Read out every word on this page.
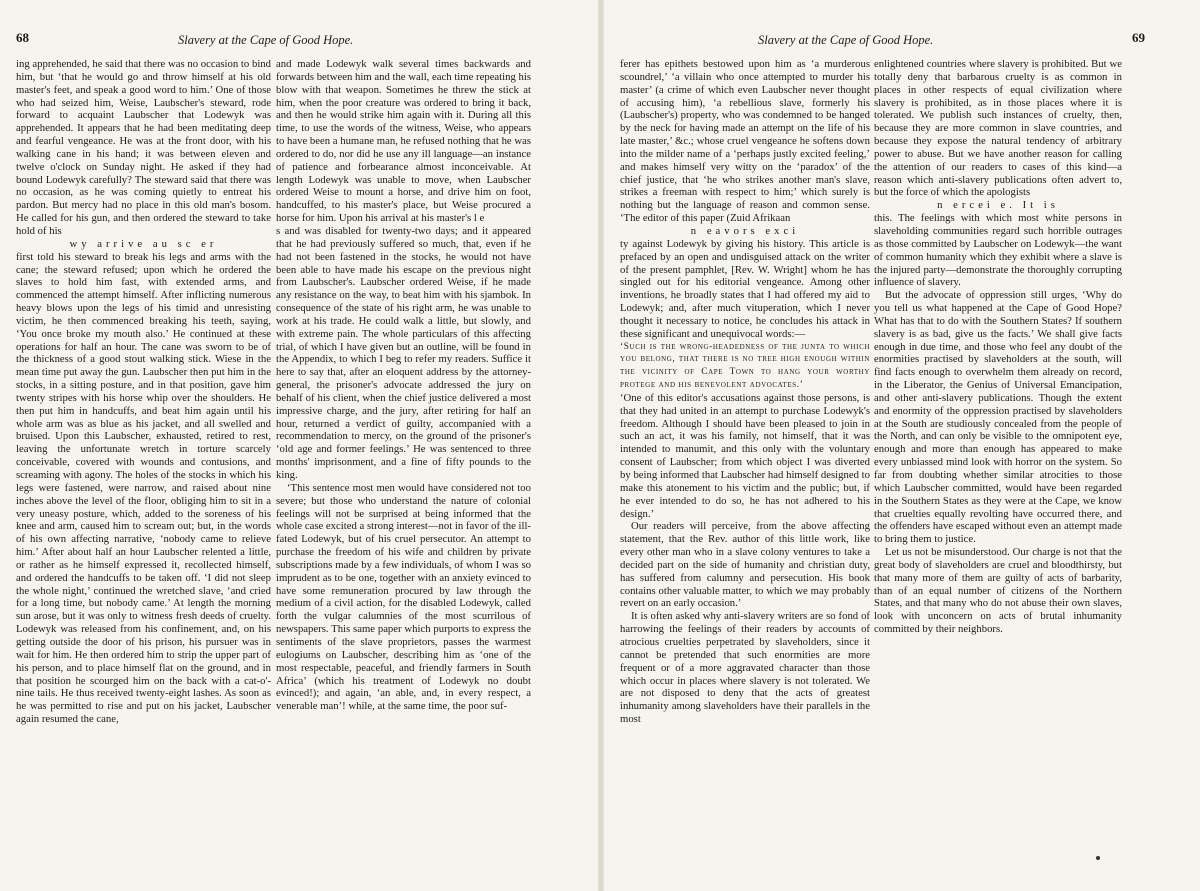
68	Slavery at the Cape of Good Hope.

ing apprehended, he said that there was no occasion to bind him, but ‘that he would go and throw himself at his old master's feet, and speak a good word to him.’ One of those who had seized him, Weise, Laubscher's steward, rode forward to acquaint Laubscher that Lodewyk was apprehended. It appears that he had been meditating deep and fearful vengeance. He was at the front door, with his walking cane in his hand; it was between eleven and twelve o'clock on Sunday night. He asked if they had bound Lodewyk carefully? The steward said that there was no occasion, as he was coming quietly to entreat his pardon. But mercy had no place in this old man's bosom. He called for his gun, and then ordered the steward to take hold of his

wy arrive au sc er

first told his steward to break his legs and arms with the cane; the steward refused; upon which he ordered the slaves to hold him fast, with extended arms, and commenced the attempt himself. After inflicting numerous heavy blows upon the legs of his timid and unresisting victim, he then commenced breaking his teeth, saying, ‘You once broke my mouth also.’ He continued at these operations for half an hour. The cane was sworn to be of the thickness of a good stout walking stick. Wiese in the mean time put away the gun. Laubscher then put him in the stocks, in a sitting posture, and in that position, gave him twenty stripes with his horse whip over the shoulders. He then put him in handcuffs, and beat him again until his whole arm was as blue as his jacket, and all swelled and bruised. Upon this Laubscher, exhausted, retired to rest, leaving the unfortunate wretch in torture scarcely conceivable, covered with wounds and contusions, and screaming with agony. The holes of the stocks in which his legs were fastened, were narrow, and raised about nine inches above the level of the floor, obliging him to sit in a very uneasy posture, which, added to the soreness of his knee and arm, caused him to scream out; but, in the words of his own affecting narrative, ‘nobody came to relieve him.’ After about half an hour Laubscher relented a little, or rather as he himself expressed it, recollected himself, and ordered the handcuffs to be taken off. ‘I did not sleep the whole night,’ continued the wretched slave, ‘and cried for a long time, but nobody came.’ At length the morning sun arose, but it was only to witness fresh deeds of cruelty. Lodewyk was released from his confinement, and, on his getting outside the door of his prison, his pursuer was in wait for him. He then ordered him to strip the upper part of his person, and to place himself flat on the ground, and in that position he scourged him on the back with a cat-o'-nine tails. He thus received twenty-eight lashes. As soon as he was permitted to rise and put on his jacket, Laubscher again resumed the cane,

and made Lodewyk walk several times backwards and forwards between him and the wall, each time repeating his blow with that weapon. Sometimes he threw the stick at him, when the poor creature was ordered to bring it back, and then he would strike him again with it. During all this time, to use the words of the witness, Weise, who appears to have been a humane man, he refused nothing that he was ordered to do, nor did he use any ill language—an instance of patience and forbearance almost inconceivable. At length Lodewyk was unable to move, when Laubscher ordered Weise to mount a horse, and drive him on foot, handcuffed, to his master's place, but Weise procured a horse for him. Upon his arrival at his master's l e

s and was disabled for twenty-two days; and it appeared that he had previously suffered so much, that, even if he had not been fastened in the stocks, he would not have been able to have made his escape on the previous night from Laubscher's. Laubscher ordered Weise, if he made any resistance on the way, to beat him with his sjambok. In consequence of the state of his right arm, he was unable to work at his trade. He could walk a little, but slowly, and with extreme pain. The whole particulars of this affecting trial, of which I have given but an outline, will be found in the Appendix, to which I beg to refer my readers. Suffice it here to say that, after an eloquent address by the attorney-general, the prisoner's advocate addressed the jury on behalf of his client, when the chief justice delivered a most impressive charge, and the jury, after retiring for half an hour, returned a verdict of guilty, accompanied with a recommendation to mercy, on the ground of the prisoner's ‘old age and former feelings.’ He was sentenced to three months' imprisonment, and a fine of fifty pounds to the king.

‘This sentence most men would have considered not too severe; but those who understand the nature of colonial feelings will not be surprised at being informed that the whole case excited a strong interest—not in favor of the ill-fated Lodewyk, but of his cruel persecutor. An attempt to purchase the freedom of his wife and children by private subscriptions made by a few individuals, of whom I was so imprudent as to be one, together with an anxiety evinced to have some remuneration procured by law through the medium of a civil action, for the disabled Lodewyk, called forth the vulgar calumnies of the most scurrilous of newspapers. This same paper which purports to express the sentiments of the slave proprietors, passes the warmest eulogiums on Laubscher, describing him as ‘one of the most respectable, peaceful, and friendly farmers in South Africa’ (which his treatment of Lodewyk no doubt evinced!); and again, ‘an able, and, in every respect, a venerable man’! while, at the same time, the poor suf-

Slavery at the Cape of Good Hope.	69

ferer has epithets bestowed upon him as ‘a murderous scoundrel,’ ‘a villain who once attempted to murder his master’ (a crime of which even Laubscher never thought of accusing him), ‘a rebellious slave, formerly his (Laubscher's) property, who was condemned to be hanged by the neck for having made an attempt on the life of his late master,’ &c.; whose cruel vengeance he softens down into the milder name of a ‘perhaps justly excited feeling,’ and makes himself very witty on the ‘paradox’ of the chief justice, that ‘he who strikes another man's slave, strikes a freeman with respect to him;’ which surely is nothing but the language of reason and common sense. ‘The editor of this paper (Zuid Afrikaan

n eavors exci

ty against Lodewyk by giving his history. This article is prefaced by an open and undisguised attack on the writer of the present pamphlet, [Rev. W. Wright] whom he has singled out for his editorial vengeance. Among other inventions, he broadly states that I had offered my aid to Lodewyk; and, after much vituperation, which I never thought it necessary to notice, he concludes his attack in these significant and unequivocal words:—

‘Such is the wrong-headedness of the junta to which you belong, that there is no tree high enough within the vicinity of Cape Town to hang your worthy protege and his benevolent advocates.’

‘One of this editor's accusations against those persons, is that they had united in an attempt to purchase Lodewyk's freedom. Although I should have been pleased to join in such an act, it was his family, not himself, that it was intended to manumit, and this only with the voluntary consent of Laubscher; from which object I was diverted by being informed that Laubscher had himself designed to make this atonement to his victim and the public; but, if he ever intended to do so, he has not adhered to his design.’

Our readers will perceive, from the above affecting statement, that the Rev. author of this little work, like every other man who in a slave colony ventures to take a decided part on the side of humanity and christian duty, has suffered from calumny and persecution. His book contains other valuable matter, to which we may probably revert on an early occasion.’

It is often asked why anti-slavery writers are so fond of harrowing the feelings of their readers by accounts of atrocious cruelties perpetrated by slaveholders, since it cannot be pretended that such enormities are more frequent or of a more aggravated character than those which occur in places where slavery is not tolerated. We are not disposed to deny that the acts of greatest inhumanity among slaveholders have their parallels in the most

enlightened countries where slavery is prohibited. But we totally deny that barbarous cruelty is as common in places in other respects of equal civilization where slavery is prohibited, as in those places where it is tolerated. We publish such instances of cruelty, then, because they are more common in slave countries, and because they expose the natural tendency of arbitrary power to abuse. But we have another reason for calling the attention of our readers to cases of this kind—a reason which anti-slavery publications often advert to, but the force of which the apologists

n ercei e. It is

this. The feelings with which most white persons in slaveholding communities regard such horrible outrages as those committed by Laubscher on Lodewyk—the want of common humanity which they exhibit where a slave is the injured party—demonstrate the thoroughly corrupting influence of slavery.

But the advocate of oppression still urges, ‘Why do you tell us what happened at the Cape of Good Hope? What has that to do with the Southern States? If southern slavery is as bad, give us the facts.’ We shall give facts enough in due time, and those who feel any doubt of the enormities practised by slaveholders at the south, will find facts enough to overwhelm them already on record, in the Liberator, the Genius of Universal Emancipation, and other anti-slavery publications. Though the extent and enormity of the oppression practised by slaveholders at the South are studiously concealed from the people of the North, and can only be visible to the omnipotent eye, enough and more than enough has appeared to make every unbiassed mind look with horror on the system. So far from doubting whether similar atrocities to those which Laubscher committed, would have been regarded in the Southern States as they were at the Cape, we know that cruelties equally revolting have occurred there, and the offenders have escaped without even an attempt made to bring them to justice.

Let us not be misunderstood. Our charge is not that the great body of slaveholders are cruel and bloodthirsty, but that many more of them are guilty of acts of barbarity, than of an equal number of citizens of the Northern States, and that many who do not abuse their own slaves, look with unconcern on acts of brutal inhumanity committed by their neighbors.
